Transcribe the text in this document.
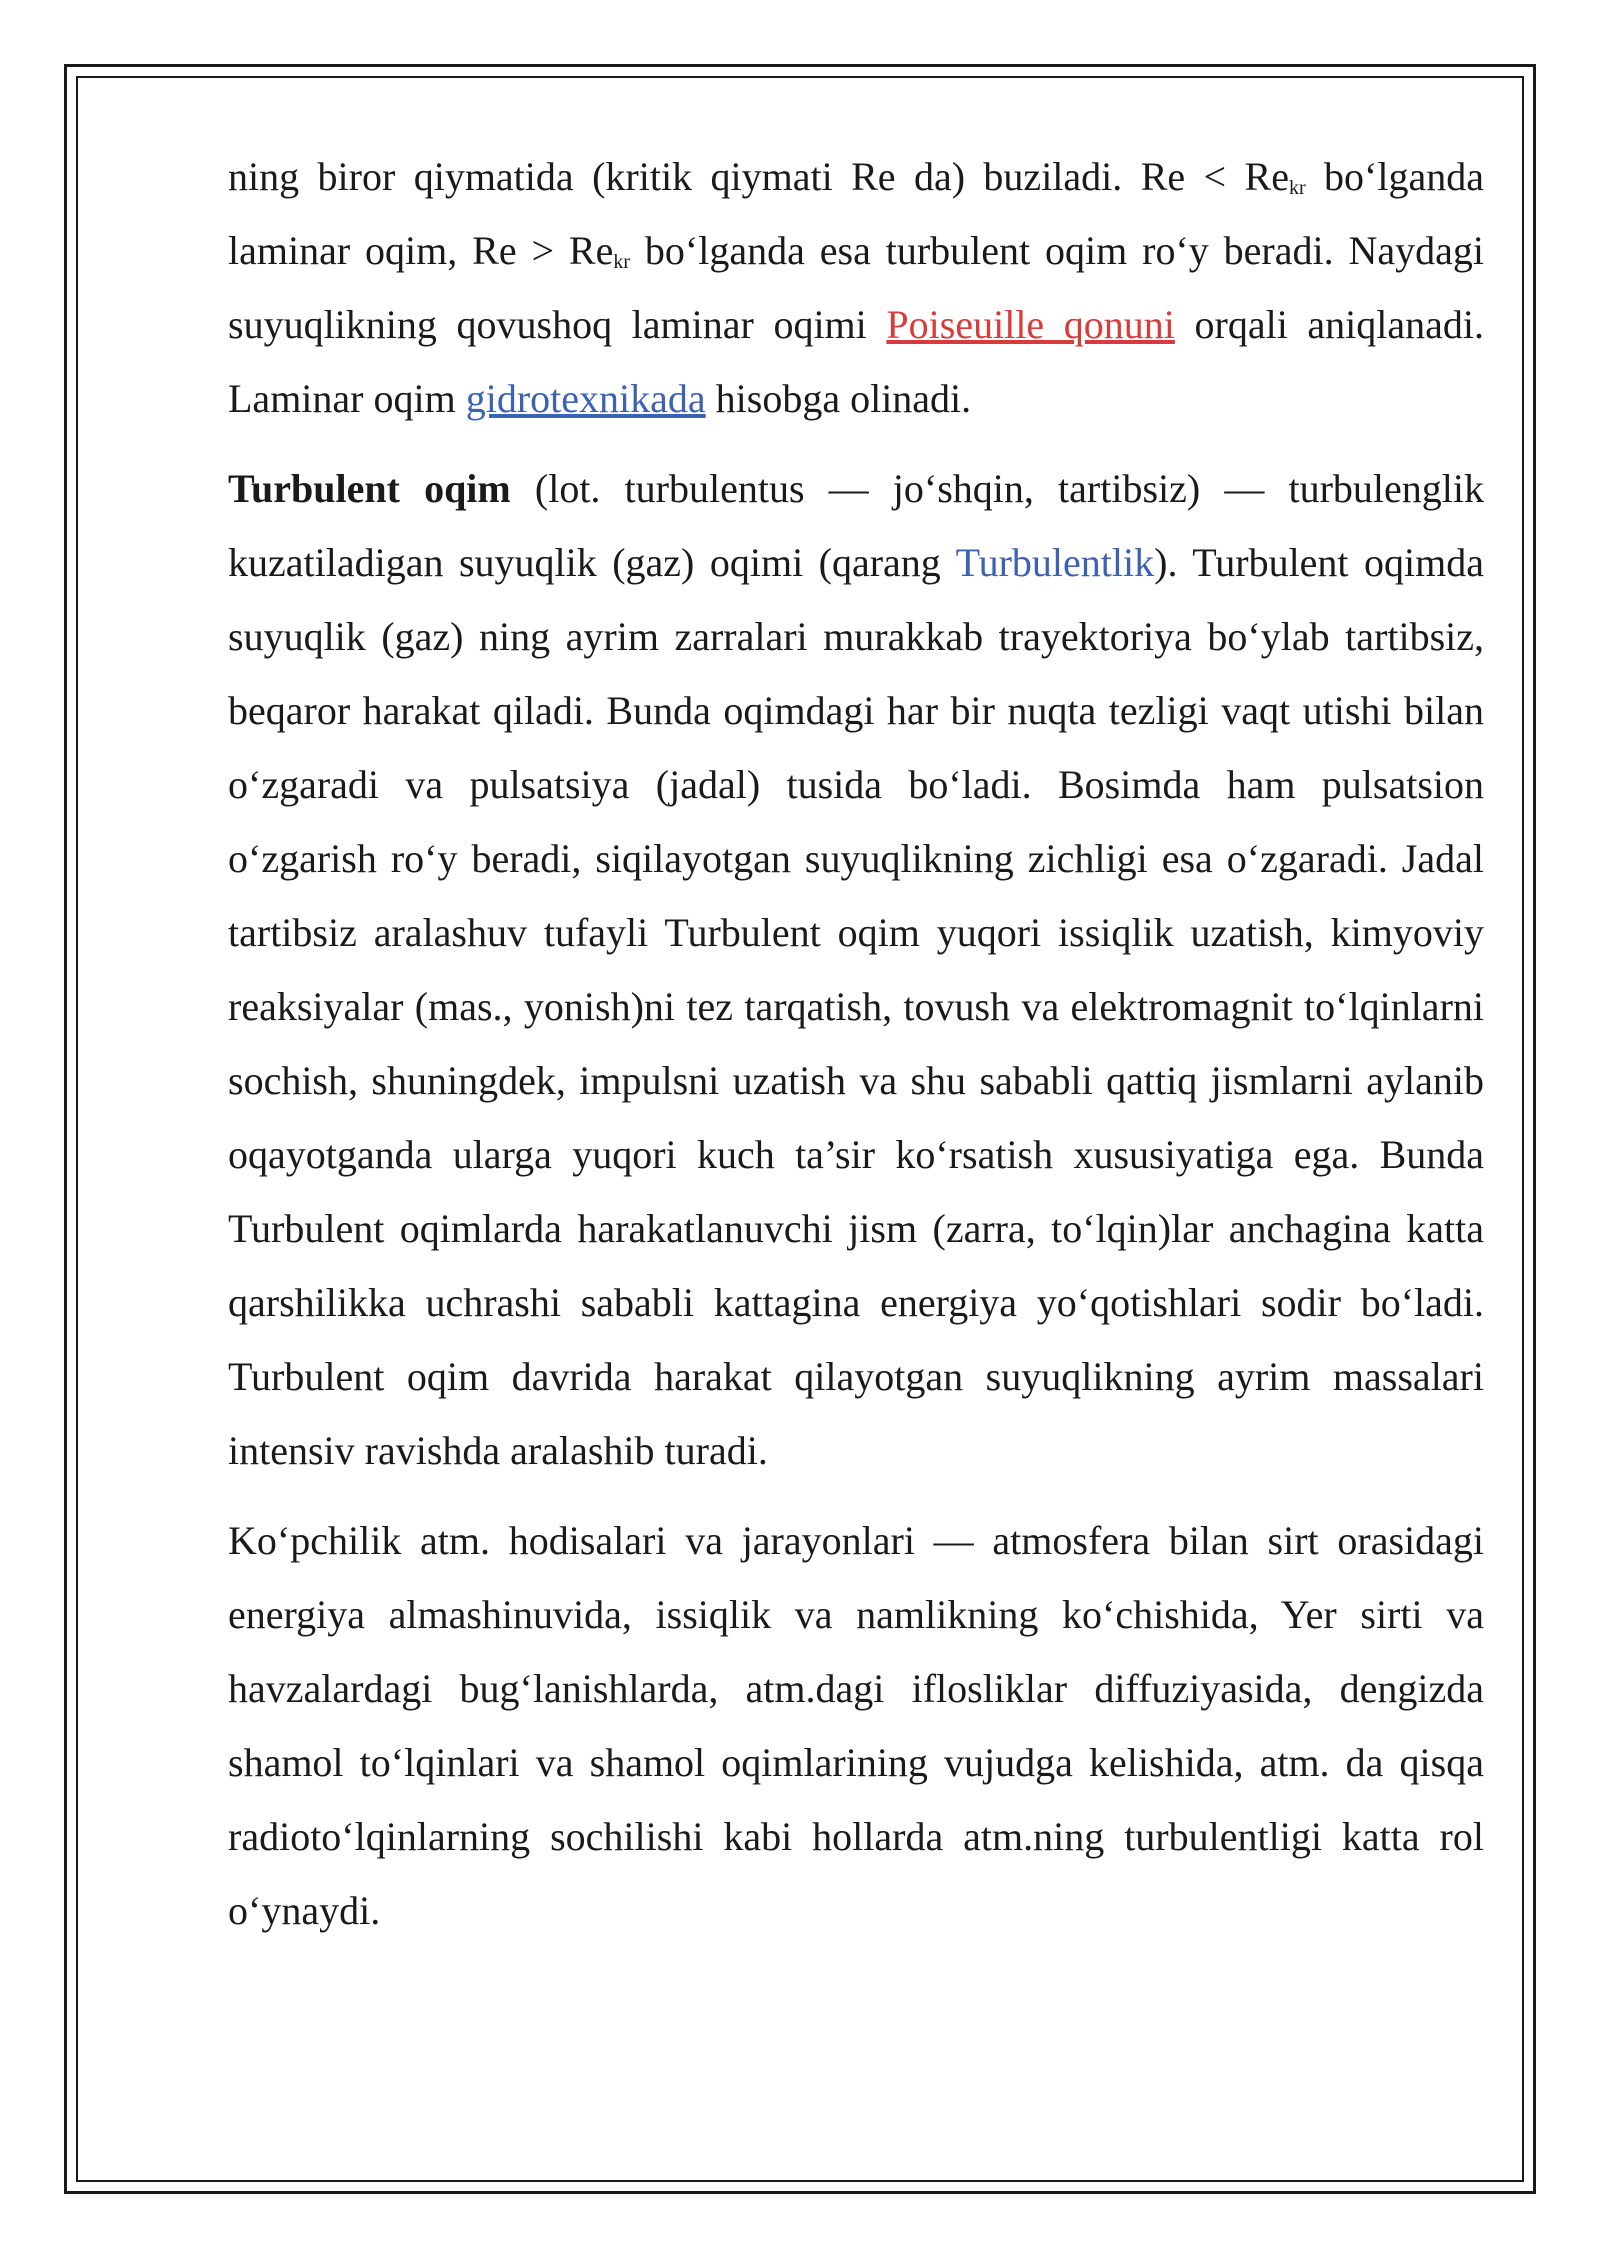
ning biror qiymatida (kritik qiymati Re da) buziladi. $Re < Re_{kr}$ bo‘lganda laminar oqim, $Re > Re_{kr}$ bo‘lganda esa turbulent oqim ro‘y beradi. Naydagi suyuqlikning qovushoq laminar oqimi Poiseuille qonuni orqali aniqlanadi. Laminar oqim gidrotexnikada hisobga olinadi.

Turbulent oqim (lot. turbulentus — jo‘shqin, tartibsiz) — turbulenglik kuzatiladigan suyuqlik (gaz) oqimi (qarang Turbulentlik). Turbulent oqimda suyuqlik (gaz) ning ayrim zarralari murakkab trayektoriya bo‘ylab tartibsiz, beqaror harakat qiladi. Bunda oqimdagi har bir nuqta tezligi vaqt utishi bilan o‘zgaradi va pulsatsiya (jadal) tusida bo‘ladi. Bosimda ham pulsatsion o‘zgarish ro‘y beradi, siqilayotgan suyuqlikning zichligi esa o‘zgaradi. Jadal tartibsiz aralashuv tufayli Turbulent oqim yuqori issiqlik uzatish, kimyoviy reaksiyalar (mas., yonish)ni tez tarqatish, tovush va elektromagnit to‘lqinlarni sochish, shuningdek, impulsni uzatish va shu sababli qattiq jismlarni aylanib oqayotganda ularga yuqori kuch ta’sir ko‘rsatish xususiyatiga ega. Bunda Turbulent oqimlarda harakatlanuvchi jism (zarra, to‘lqin)lar anchagina katta qarshilikka uchrashi sababli kattagina energiya yo‘qotishlari sodir bo‘ladi. Turbulent oqim davrida harakat qilayotgan suyuqlikning ayrim massalari intensiv ravishda aralashib turadi.

Ko‘pchilik atm. hodisalari va jarayonlari — atmosfera bilan sirt orasidagi energiya almashinuvida, issiqlik va namlikning ko‘chishida, Yer sirti va havzalardagi bug‘lanishlarda, atm.dagi iflosliklar diffuziyasida, dengizda shamol to‘lqinlari va shamol oqimlarining vujudga kelishida, atm. da qisqa radioto‘lqinlarning sochilishi kabi hollarda atm.ning turbulentligi katta rol o‘ynaydi.
